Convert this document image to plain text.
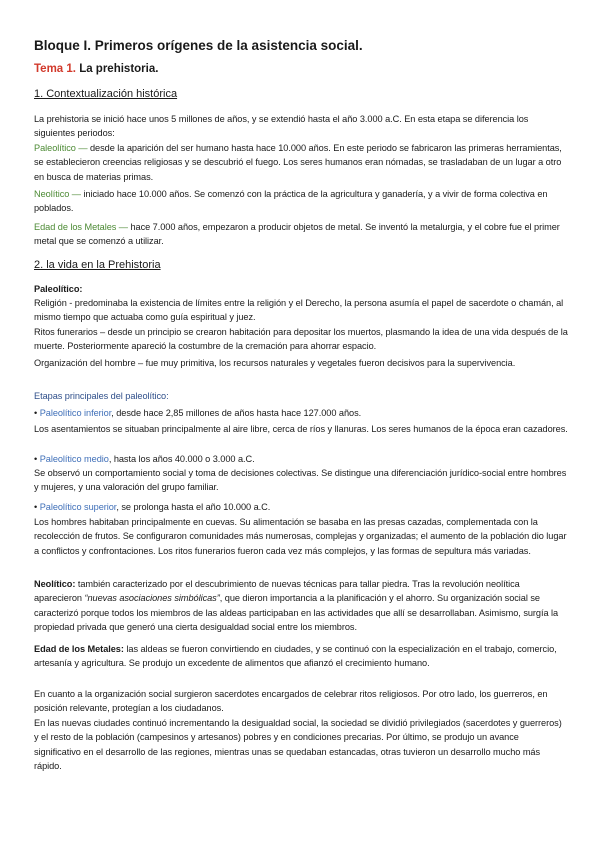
Bloque I. Primeros orígenes de la asistencia social.
Tema 1. La prehistoria.
1. Contextualización histórica

La prehistoria se inició hace unos 5 millones de años, y se extendió hasta el año 3.000 a.C. En esta etapa se diferencia los siguientes periodos:

Paleolítico — desde la aparición del ser humano hasta hace 10.000 años. En este periodo se fabricaron las primeras herramientas, se establecieron creencias religiosas y se descubrió el fuego. Los seres humanos eran nómadas, se trasladaban de un lugar a otro en busca de materias primas.

Neolítico — iniciado hace 10.000 años. Se comenzó con la práctica de la agricultura y ganadería, y a vivir de forma colectiva en poblados.

Edad de los Metales — hace 7.000 años, empezaron a producir objetos de metal. Se inventó la metalurgia, y el cobre fue el primer metal que se comenzó a utilizar.

2. la vida en la Prehistoria

Paleolítico:

Religión - predominaba la existencia de límites entre la religión y el Derecho, la persona asumía el papel de sacerdote o chamán, al mismo tiempo que actuaba como guía espiritual y juez.

Ritos funerarios – desde un principio se crearon habitación para depositar los muertos, plasmando la idea de una vida después de la muerte. Posteriormente apareció la costumbre de la cremación para ahorrar espacio.

Organización del hombre – fue muy primitiva, los recursos naturales y vegetales fueron decisivos para la supervivencia.

Etapas principales del paleolítico:

• Paleolítico inferior, desde hace 2,85 millones de años hasta hace 127.000 años.

Los asentamientos se situaban principalmente al aire libre, cerca de ríos y llanuras. Los seres humanos de la época eran cazadores.

• Paleolítico medio, hasta los años 40.000 o 3.000 a.C.

Se observó un comportamiento social y toma de decisiones colectivas. Se distingue una diferenciación jurídico-social entre hombres y mujeres, y una valoración del grupo familiar.

• Paleolítico superior, se prolonga hasta el año 10.000 a.C.

Los hombres habitaban principalmente en cuevas. Su alimentación se basaba en las presas cazadas, complementada con la recolección de frutos. Se configuraron comunidades más numerosas, complejas y organizadas; el aumento de la población dio lugar a conflictos y confrontaciones. Los ritos funerarios fueron cada vez más complejos, y las formas de sepultura más variadas.

Neolítico: también caracterizado por el descubrimiento de nuevas técnicas para tallar piedra. Tras la revolución neolítica aparecieron “nuevas asociaciones simbólicas”, que dieron importancia a la planificación y el ahorro. Su organización social se caracterizó porque todos los miembros de las aldeas participaban en las actividades que allí se desarrollaban. Asimismo, surgía la propiedad privada que generó una cierta desigualdad social entre los miembros.

Edad de los Metales: las aldeas se fueron convirtiendo en ciudades, y se continuó con la especialización en el trabajo, comercio, artesanía y agricultura. Se produjo un excedente de alimentos que afianzó el crecimiento humano.

En cuanto a la organización social surgieron sacerdotes encargados de celebrar ritos religiosos. Por otro lado, los guerreros, en posición relevante, protegían a los ciudadanos.

En las nuevas ciudades continuó incrementando la desigualdad social, la sociedad se dividió privilegiados (sacerdotes y guerreros) y el resto de la población (campesinos y artesanos) pobres y en condiciones precarias. Por último, se produjo un avance significativo en el desarrollo de las regiones, mientras unas se quedaban estancadas, otras tuvieron un desarrollo mucho más rápido.
